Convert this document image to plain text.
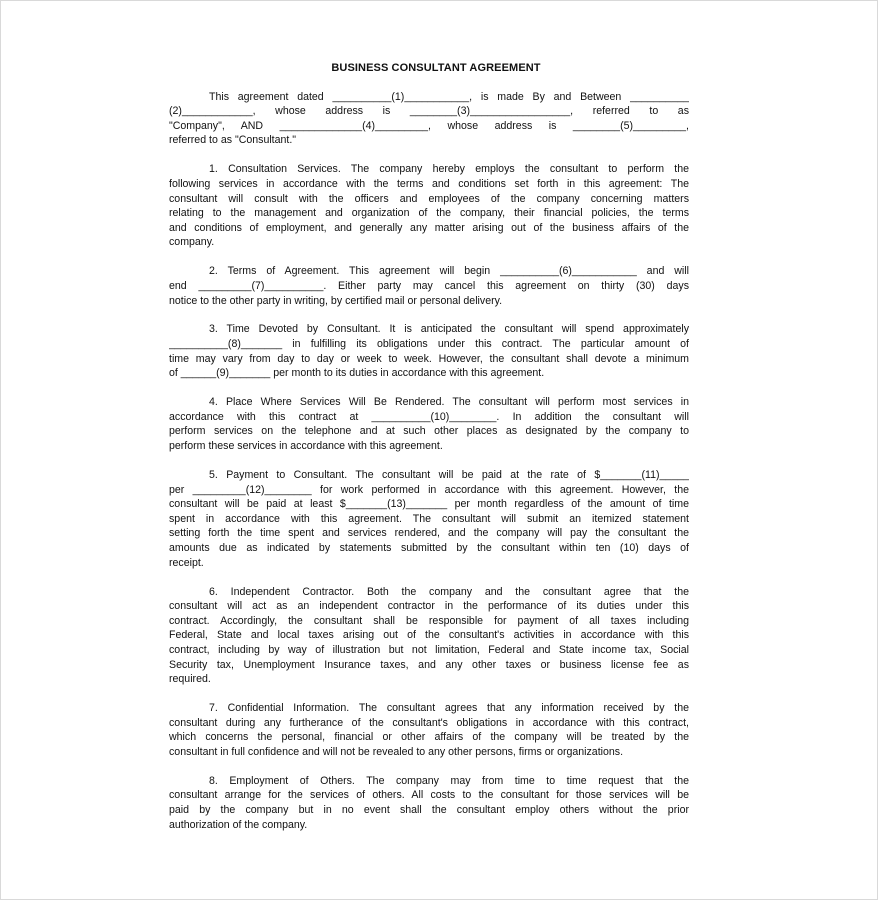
BUSINESS CONSULTANT AGREEMENT
This agreement dated __________(1)___________, is made By and Between __________
(2)____________, whose address is ________(3)_________________, referred to as
"Company", AND ______________(4)_________, whose address is ________(5)_________,
referred to as "Consultant."
1. Consultation Services. The company hereby employs the consultant to perform the
following services in accordance with the terms and conditions set forth in this agreement: The
consultant will consult with the officers and employees of the company concerning matters
relating to the management and organization of the company, their financial policies, the terms
and conditions of employment, and generally any matter arising out of the business affairs of the
company.
2. Terms of Agreement. This agreement will begin __________(6)___________ and will
end _________(7)__________. Either party may cancel this agreement on thirty (30) days
notice to the other party in writing, by certified mail or personal delivery.
3. Time Devoted by Consultant. It is anticipated the consultant will spend approximately
__________(8)_______ in fulfilling its obligations under this contract. The particular amount of
time may vary from day to day or week to week. However, the consultant shall devote a minimum
of ______(9)_______ per month to its duties in accordance with this agreement.
4. Place Where Services Will Be Rendered. The consultant will perform most services in
accordance with this contract at __________(10)________. In addition the consultant will
perform services on the telephone and at such other places as designated by the company to
perform these services in accordance with this agreement.
5. Payment to Consultant. The consultant will be paid at the rate of $_______(11)_____
per _________(12)________ for work performed in accordance with this agreement. However, the
consultant will be paid at least $_______(13)_______ per month regardless of the amount of time
spent in accordance with this agreement. The consultant will submit an itemized statement
setting forth the time spent and services rendered, and the company will pay the consultant the
amounts due as indicated by statements submitted by the consultant within ten (10) days of
receipt.
6. Independent Contractor. Both the company and the consultant agree that the
consultant will act as an independent contractor in the performance of its duties under this
contract. Accordingly, the consultant shall be responsible for payment of all taxes including
Federal, State and local taxes arising out of the consultant's activities in accordance with this
contract, including by way of illustration but not limitation, Federal and State income tax, Social
Security tax, Unemployment Insurance taxes, and any other taxes or business license fee as
required.
7. Confidential Information. The consultant agrees that any information received by the
consultant during any furtherance of the consultant's obligations in accordance with this contract,
which concerns the personal, financial or other affairs of the company will be treated by the
consultant in full confidence and will not be revealed to any other persons, firms or organizations.
8. Employment of Others. The company may from time to time request that the
consultant arrange for the services of others. All costs to the consultant for those services will be
paid by the company but in no event shall the consultant employ others without the prior
authorization of the company.
